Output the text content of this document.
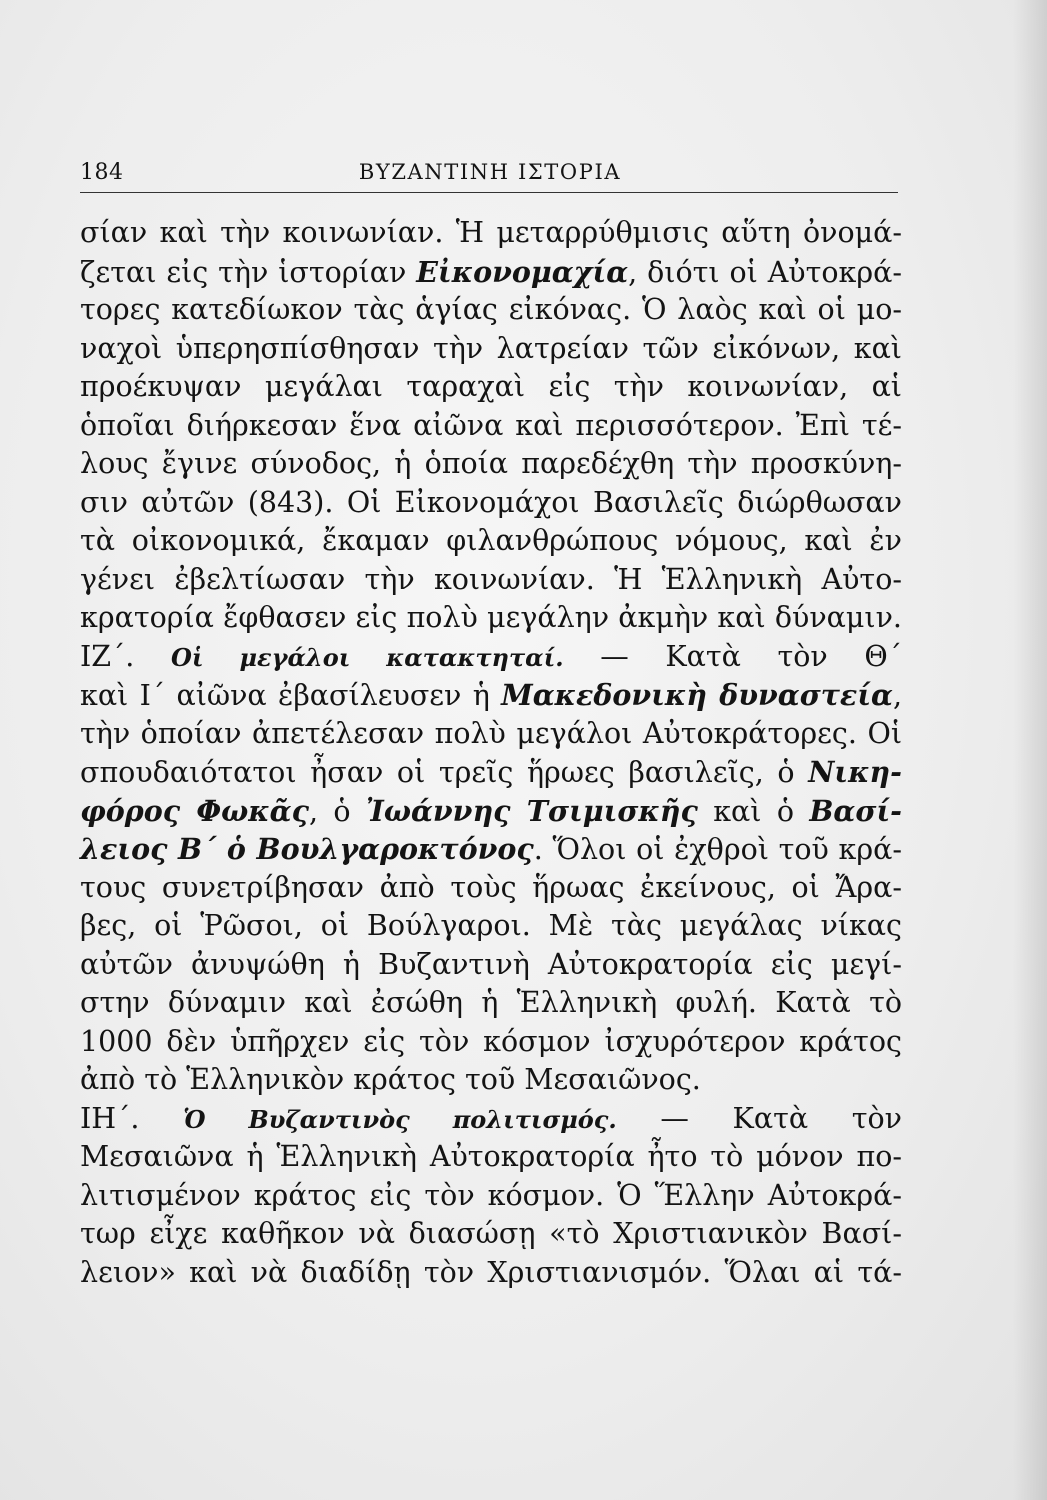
184	ΒΥΖΑΝΤΙΝΗ ΙΣΤΟΡΙΑ
σίαν καὶ τὴν κοινωνίαν. Ἡ μεταρρύθμισις αὕτη ὀνομά-
ζεται εἰς τὴν ἱστορίαν Εἰκονομαχία, διότι οἱ Αὐτοκρά-
τορες κατεδίωκον τὰς ἁγίας εἰκόνας. Ὁ λαὸς καὶ οἱ μο-
ναχοὶ ὑπερησπίσθησαν τὴν λατρείαν τῶν εἰκόνων, καὶ
προέκυψαν μεγάλαι ταραχαὶ εἰς τὴν κοινωνίαν, αἱ
ὁποῖαι διήρκεσαν ἕνα αἰῶνα καὶ περισσότερον. Ἐπὶ τέ-
λους ἔγινε σύνοδος, ἡ ὁποία παρεδέχθη τὴν προσκύνη-
σιν αὐτῶν (843). Οἱ Εἰκονομάχοι Βασιλεῖς διώρθωσαν
τὰ οἰκονομικά, ἔκαμαν φιλανθρώπους νόμους, καὶ ἐν
γένει ἐβελτίωσαν τὴν κοινωνίαν. Ἡ Ἑλληνικὴ Αὐτο-
κρατορία ἔφθασεν εἰς πολὺ μεγάλην ἀκμὴν καὶ δύναμιν.
ΙΖ΄. Οἱ μεγάλοι κατακτηταί. — Κατὰ τὸν Θ΄
καὶ Ι΄ αἰῶνα ἐβασίλευσεν ἡ Μακεδονικὴ δυναστεία,
τὴν ὁποίαν ἀπετέλεσαν πολὺ μεγάλοι Αὐτοκράτορες. Οἱ
σπουδαιότατοι ἦσαν οἱ τρεῖς ἥρωες βασιλεῖς, ὁ Νικη-
φόρος Φωκᾶς, ὁ Ἰωάννης Τσιμισκῆς καὶ ὁ Βασί-
λειος Β΄ ὁ Βουλγαροκτόνος. Ὅλοι οἱ ἐχθροὶ τοῦ κρά-
τους συνετρίβησαν ἀπὸ τοὺς ἥρωας ἐκείνους, οἱ Ἄρα-
βες, οἱ Ῥῶσοι, οἱ Βούλγαροι. Μὲ τὰς μεγάλας νίκας
αὐτῶν ἀνυψώθη ἡ Βυζαντινὴ Αὐτοκρατορία εἰς μεγί-
στην δύναμιν καὶ ἐσώθη ἡ Ἑλληνικὴ φυλή. Κατὰ τὸ
1000 δὲν ὑπῆρχεν εἰς τὸν κόσμον ἰσχυρότερον κράτος
ἀπὸ τὸ Ἑλληνικὸν κράτος τοῦ Μεσαιῶνος.
ΙΗ΄. Ὁ Βυζαντινὸς πολιτισμός. — Κατὰ τὸν
Μεσαιῶνα ἡ Ἑλληνικὴ Αὐτοκρατορία ἦτο τὸ μόνον πο-
λιτισμένον κράτος εἰς τὸν κόσμον. Ὁ Ἕλλην Αὐτοκρά-
τωρ εἶχε καθῆκον νὰ διασώσῃ «τὸ Χριστιανικὸν Βασί-
λειον» καὶ νὰ διαδίδῃ τὸν Χριστιανισμόν. Ὅλαι αἱ τά-
